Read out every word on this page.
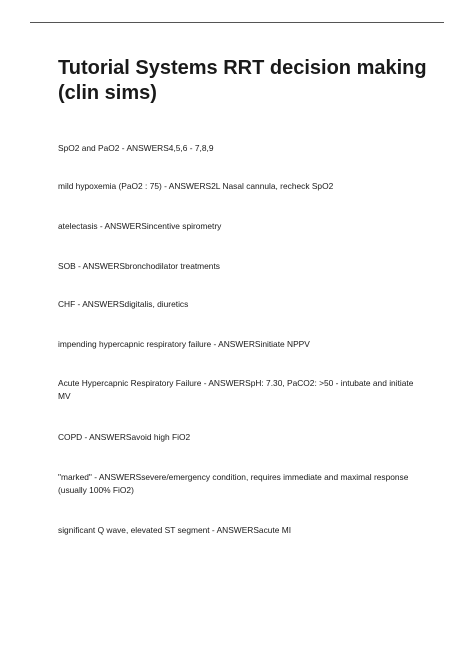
Tutorial Systems RRT decision making (clin sims)

SpO2 and PaO2 - ANSWERS4,5,6 - 7,8,9

mild hypoxemia (PaO2 : 75) - ANSWERS2L Nasal cannula, recheck SpO2

atelectasis - ANSWERSincentive spirometry

SOB - ANSWERSbronchodilator treatments

CHF - ANSWERSdigitalis, diuretics

impending hypercapnic respiratory failure - ANSWERSinitiate NPPV

Acute Hypercapnic Respiratory Failure - ANSWERSpH: 7.30, PaCO2: >50 - intubate and initiate MV

COPD - ANSWERSavoid high FiO2

"marked" - ANSWERSsevere/emergency condition, requires immediate and maximal response (usually 100% FiO2)

significant Q wave, elevated ST segment - ANSWERSacute MI
